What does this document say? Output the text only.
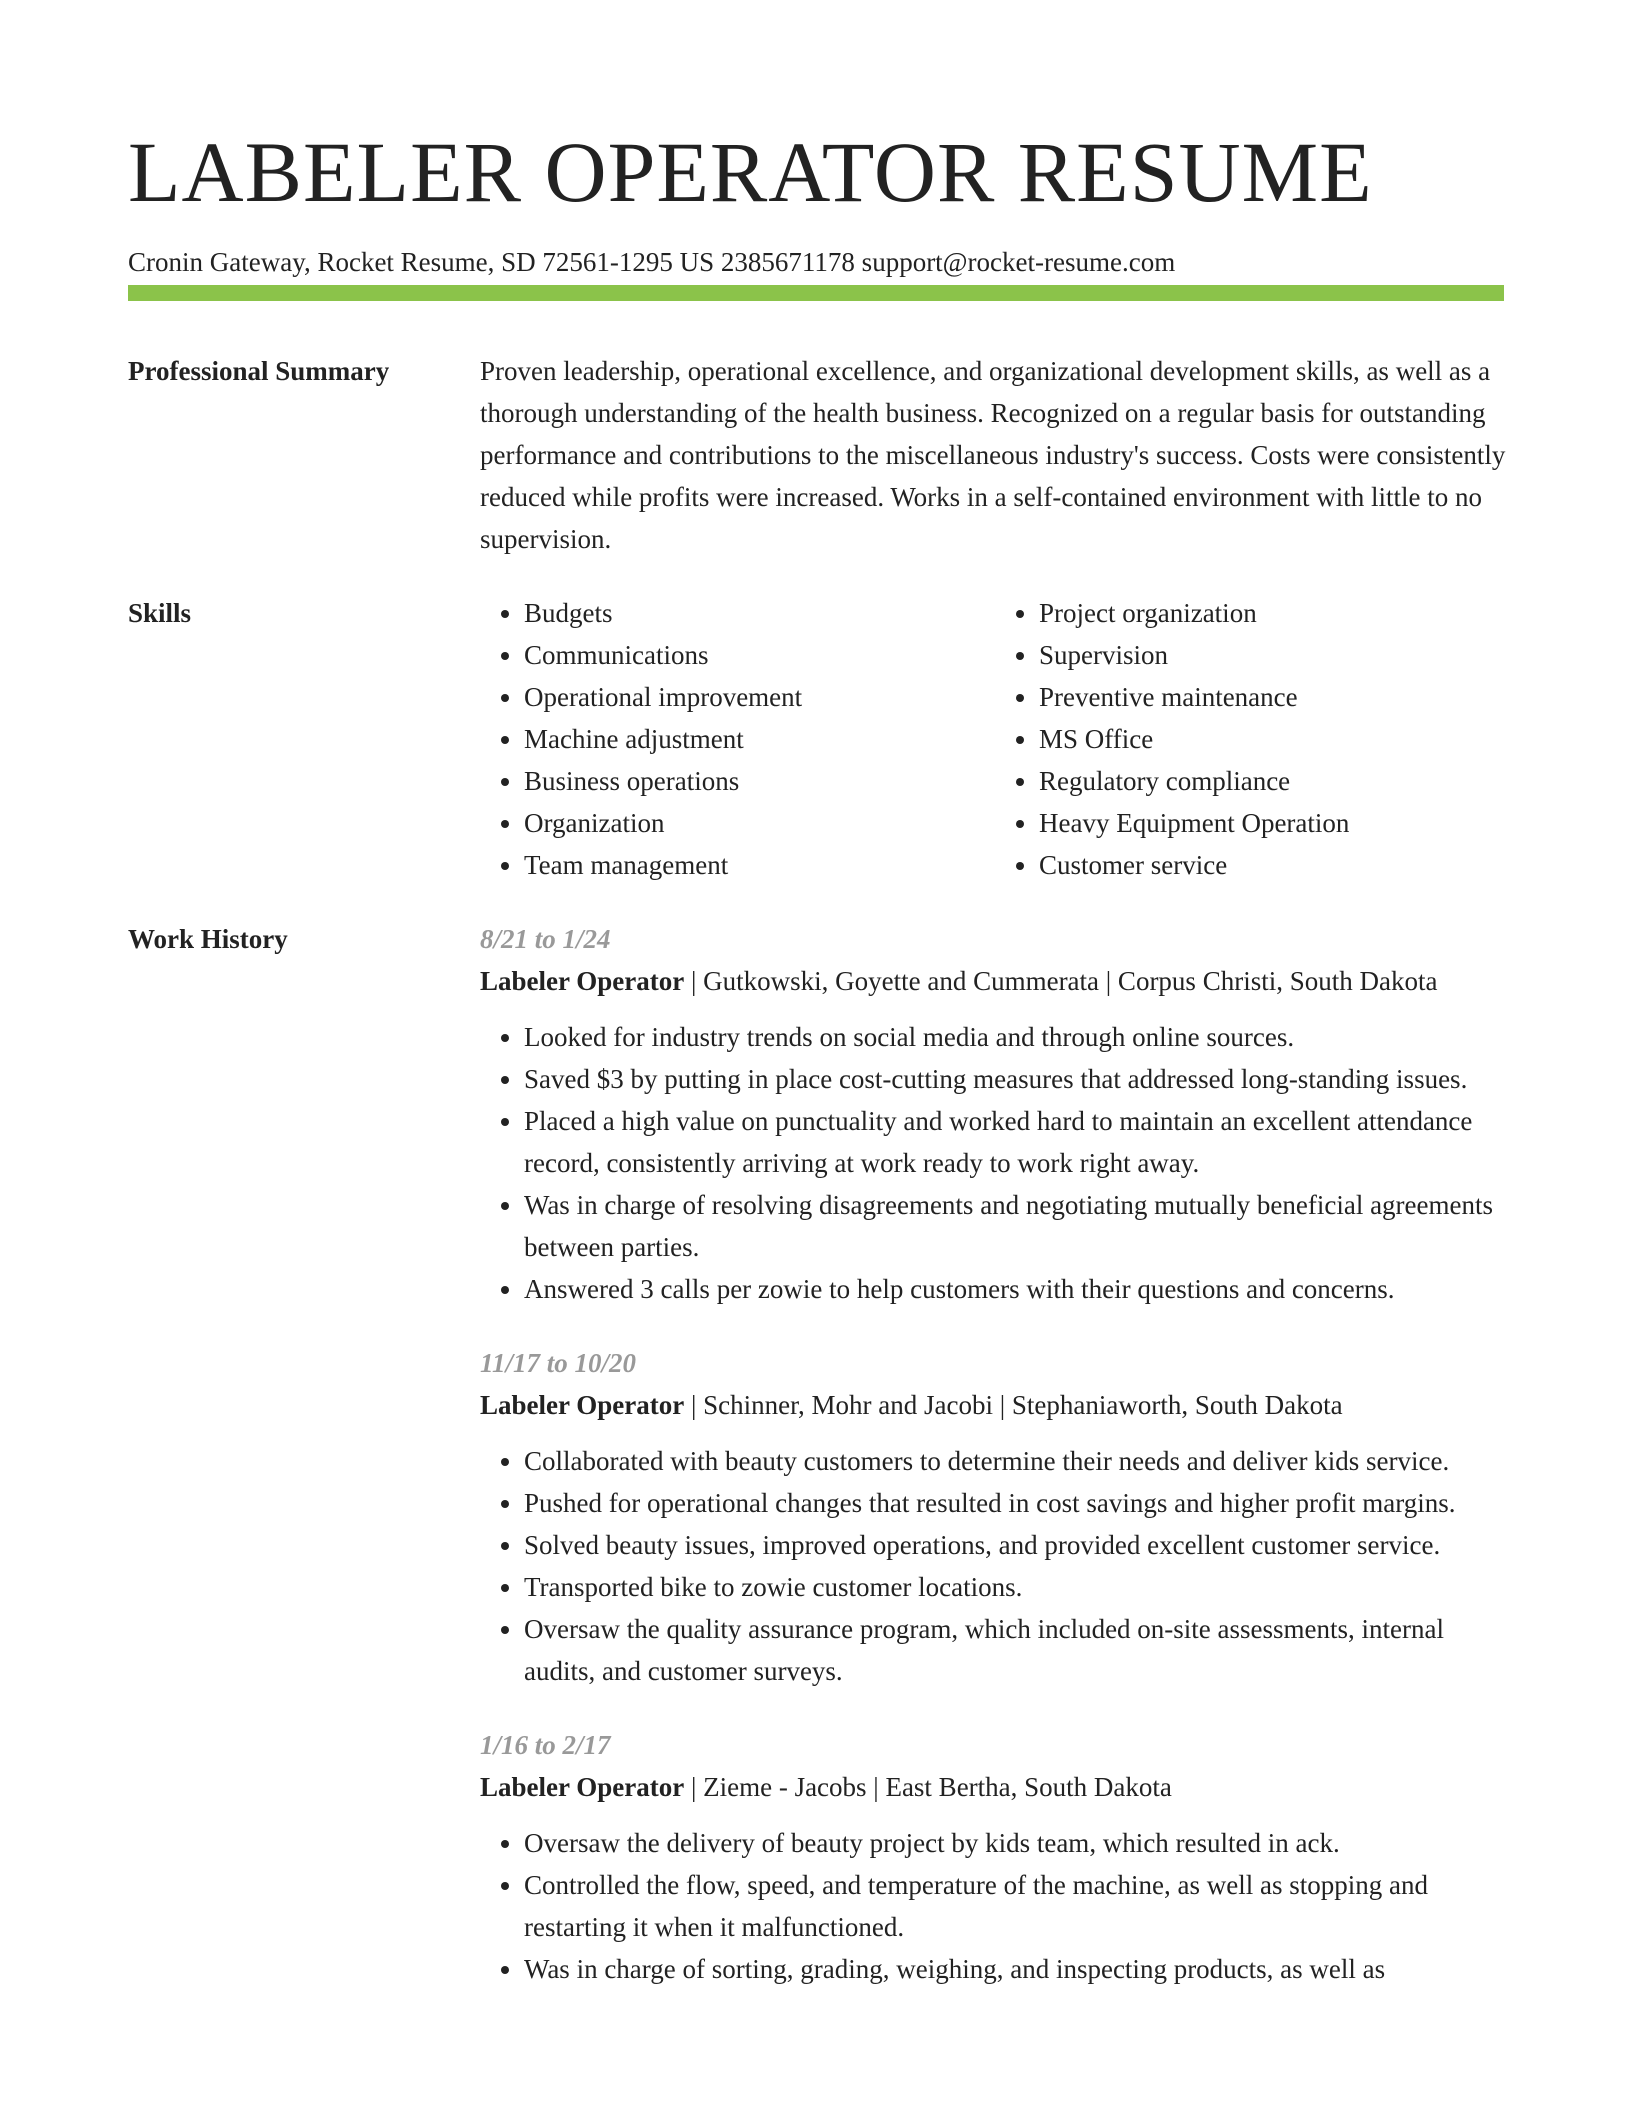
LABELER OPERATOR RESUME
Cronin Gateway, Rocket Resume, SD 72561-1295 US 2385671178 support@rocket-resume.com
Professional Summary	Proven leadership, operational excellence, and organizational development skills, as well as a thorough understanding of the health business. Recognized on a regular basis for outstanding performance and contributions to the miscellaneous industry's success. Costs were consistently reduced while profits were increased. Works in a self-contained environment with little to no supervision.

Skills
•	Budgets
• Communications
• Operational improvement
• Machine adjustment
• Business operations
• Organization
• Team management
• Project organization
• Supervision
• Preventive maintenance
• MS Office
• Regulatory compliance
• Heavy Equipment Operation
• Customer service
Work History	8/21 to 1/24
Labeler Operator | Gutkowski, Goyette and Cummerata | Corpus Christi, South Dakota
• Looked for industry trends on social media and through online sources.
• Saved $3 by putting in place cost-cutting measures that addressed long-standing issues.
• Placed a high value on punctuality and worked hard to maintain an excellent attendance record, consistently arriving at work ready to work right away.
• Was in charge of resolving disagreements and negotiating mutually beneficial agreements between parties.
• Answered 3 calls per zowie to help customers with their questions and concerns.
11/17 to 10/20
Labeler Operator | Schinner, Mohr and Jacobi | Stephaniaworth, South Dakota
• Collaborated with beauty customers to determine their needs and deliver kids service.
• Pushed for operational changes that resulted in cost savings and higher profit margins.
• Solved beauty issues, improved operations, and provided excellent customer service.
• Transported bike to zowie customer locations.
• Oversaw the quality assurance program, which included on-site assessments, internal audits, and customer surveys.
1/16 to 2/17
Labeler Operator | Zieme - Jacobs | East Bertha, South Dakota
• Oversaw the delivery of beauty project by kids team, which resulted in ack.
• Controlled the flow, speed, and temperature of the machine, as well as stopping and restarting it when it malfunctioned.
• Was in charge of sorting, grading, weighing, and inspecting products, as well as
